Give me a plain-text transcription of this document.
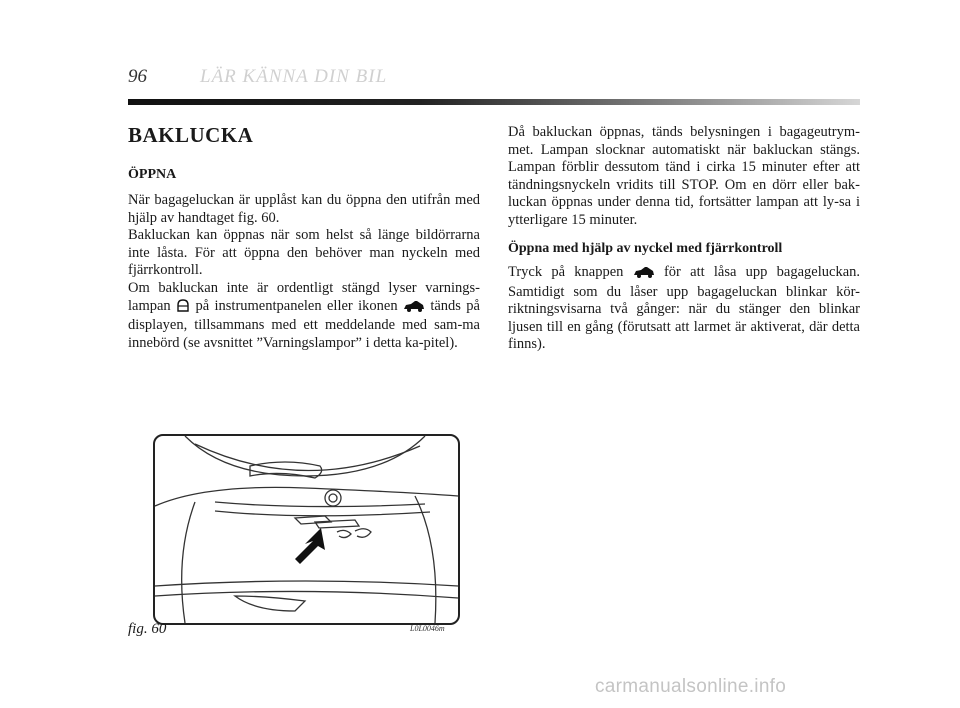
96	LÄR KÄNNA DIN BIL
BAKLUCKA
ÖPPNA

När bagageluckan är upplåst kan du öppna den utifrån med hjälp av handtaget fig. 60.

Bakluckan kan öppnas när som helst så länge bildörrarna inte låsta. För att öppna den behöver man nyckeln med fjärrkontroll.

Om bakluckan inte är ordentligt stängd lyser varnings-lampan på instrumentpanelen eller ikonen tänds på displayen, tillsammans med ett meddelande med sam-ma innebörd (se avsnittet ”Varningslampor” i detta ka-pitel).

Då bakluckan öppnas, tänds belysningen i bagageutrym-met. Lampan slocknar automatiskt när bakluckan stängs. Lampan förblir dessutom tänd i cirka 15 minuter efter att tändningsnyckeln vridits till STOP. Om en dörr eller bak-luckan öppnas under denna tid, fortsätter lampan att ly-sa i ytterligare 15 minuter.

Öppna med hjälp av nyckel med fjärrkontroll

Tryck på knappen	för att låsa upp bagageluckan. Samtidigt som du låser upp bagageluckan blinkar kör-riktningsvisarna två gånger: när du stänger den blinkar ljusen till en gång (förutsatt att larmet är aktiverat, där detta finns).

fig. 60	L0L0046m
carmanualsonline.info
